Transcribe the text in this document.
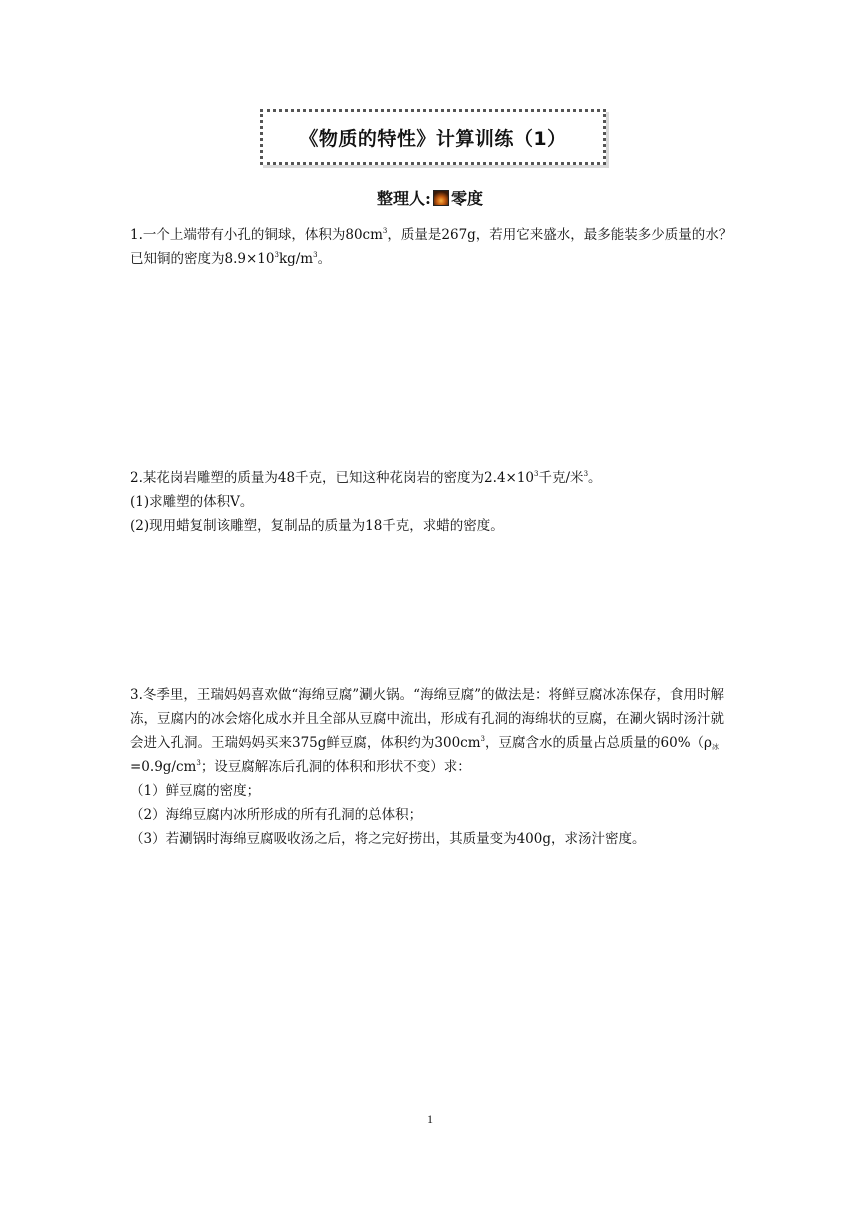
《物质的特性》计算训练（1）
整理人: 零度

1.一个上端带有小孔的铜球，体积为$80cm^3$，质量是267g，若用它来盛水，最多能装多少质量的水？已知铜的密度为$8.9\times 10^3kg/m^3$。

2.某花岗岩雕塑的质量为48千克，已知这种花岗岩的密度为$2.4\times 10^3$千克/米$^3$。

(1)求雕塑的体积V。

(2)现用蜡复制该雕塑，复制品的质量为18千克，求蜡的密度。

3.冬季里，王瑞妈妈喜欢做“海绵豆腐”涮火锅。“海绵豆腐”的做法是：将鲜豆腐冰冻保存，食用时解冻，豆腐内的冰会熔化成水并且全部从豆腐中流出，形成有孔洞的海绵状的豆腐，在涮火锅时汤汁就会进入孔洞。王瑞妈妈买来375g鲜豆腐，体积约为$300cm^3$，豆腐含水的质量占总质量的$60\%(\rho_冰=0.9g/cm^3$；设豆腐解冻后孔洞的体积和形状不变）求：

（1）鲜豆腐的密度；

（2）海绵豆腐内冰所形成的所有孔洞的总体积；

（3）若涮锅时海绵豆腐吸收汤之后，将之完好捞出，其质量变为400g，求汤汁密度。

1
